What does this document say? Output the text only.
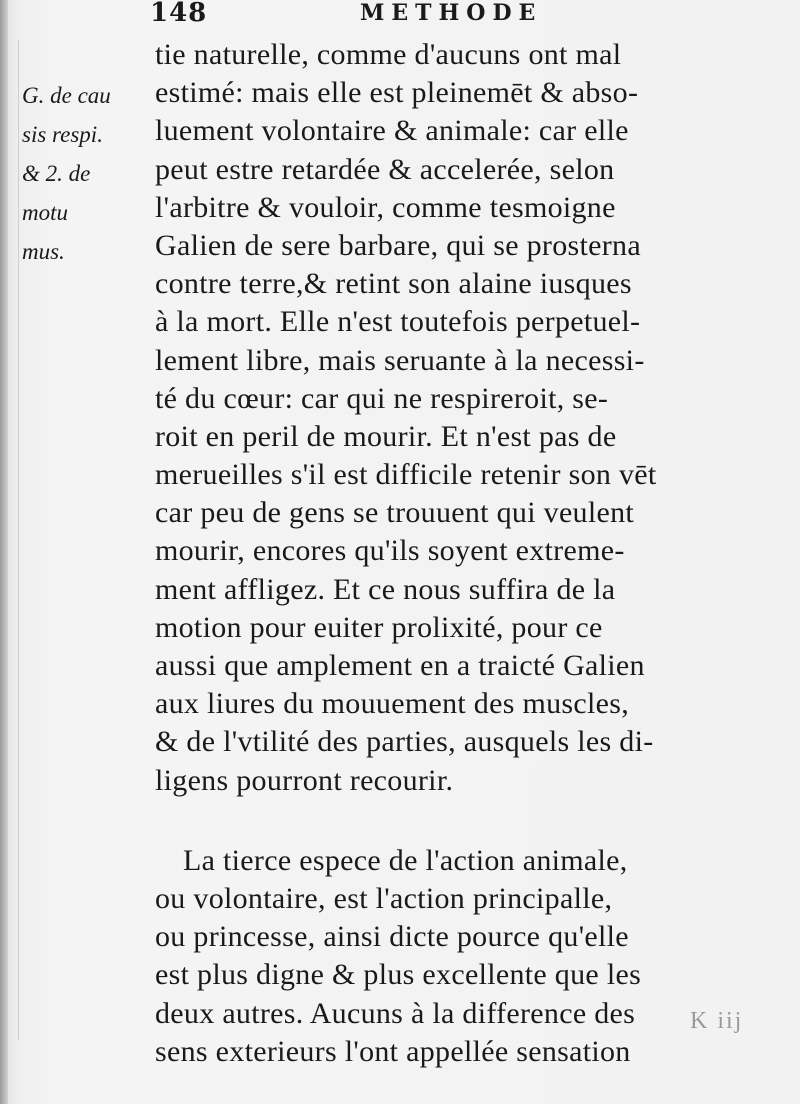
148	METHODE
G. de cau
sis respi.
& 2. de
motu
mus.
tie naturelle, comme d'aucuns ont mal
estimé: mais elle est pleinemēt & abso-
luement volontaire & animale: car elle
peut estre retardée & accelerée, selon
l'arbitre & vouloir, comme tesmoigne
Galien de sere barbare, qui se prosterna
contre terre,& retint son alaine iusques
à la mort. Elle n'est toutefois perpetuel-
lement libre, mais seruante à la necessi-
té du cœur: car qui ne respireroit, se-
roit en peril de mourir. Et n'est pas de
merueilles s'il est difficile retenir son vēt
car peu de gens se trouuent qui veulent
mourir, encores qu'ils soyent extreme-
ment affligez. Et ce nous suffira de la
motion pour euiter prolixité, pour ce
aussi que amplement en a traicté Galien
aux liures du mouuement des muscles,
& de l'vtilité des parties, ausquels les di-
ligens pourront recourir.
La tierce espece de l'action animale,
ou volontaire, est l'action principalle,
ou princesse, ainsi dicte pource qu'elle
est plus digne & plus excellente que les
deux autres. Aucuns à la difference des
sens exterieurs l'ont appellée sensation
K iij
